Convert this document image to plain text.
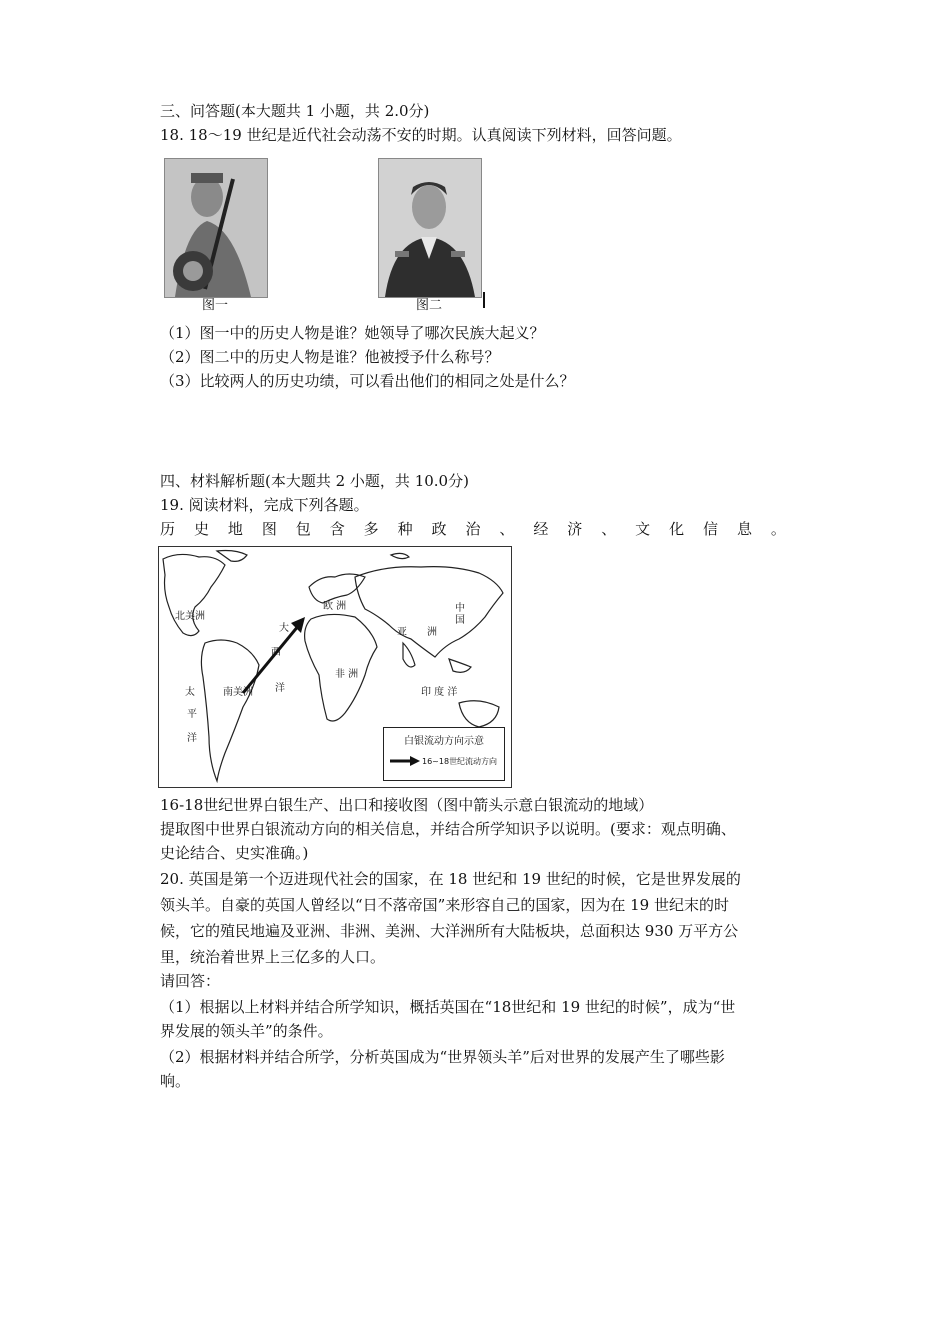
三、问答题(本大题共 1 小题，共 2.0分)
18. 18～19 世纪是近代社会动荡不安的时期。认真阅读下列材料，回答问题。
图一	图二
（1）图一中的历史人物是谁？她领导了哪次民族大起义？
（2）图二中的历史人物是谁？他被授予什么称号？
（3）比较两人的历史功绩，可以看出他们的相同之处是什么？
四、材料解析题(本大题共 2 小题，共 10.0分)
19. 阅读材料，完成下列各题。
历 史 地 图 包 含 多 种 政 治 、 经 济 、 文 化 信 息 。
北美洲
南美洲
欧 洲
亚 洲
非 洲
中 国
大
西
洋
太
平
洋
印 度 洋
白银流动方向示意
16~18世纪流动方向
16-18世纪世界白银生产、出口和接收图（图中箭头示意白银流动的地域）
提取图中世界白银流动方向的相关信息，并结合所学知识予以说明。(要求：观点明确、
史论结合、史实准确。)
20. 英国是第一个迈进现代社会的国家，在 18 世纪和 19 世纪的时候，它是世界发展的
领头羊。自豪的英国人曾经以“日不落帝国”来形容自己的国家，因为在 19 世纪末的时
候，它的殖民地遍及亚洲、非洲、美洲、大洋洲所有大陆板块，总面积达 930 万平方公
里，统治着世界上三亿多的人口。
请回答：
（1）根据以上材料并结合所学知识，概括英国在“18世纪和 19 世纪的时候”，成为“世
界发展的领头羊”的条件。
（2）根据材料并结合所学，分析英国成为“世界领头羊”后对世界的发展产生了哪些影
响。
